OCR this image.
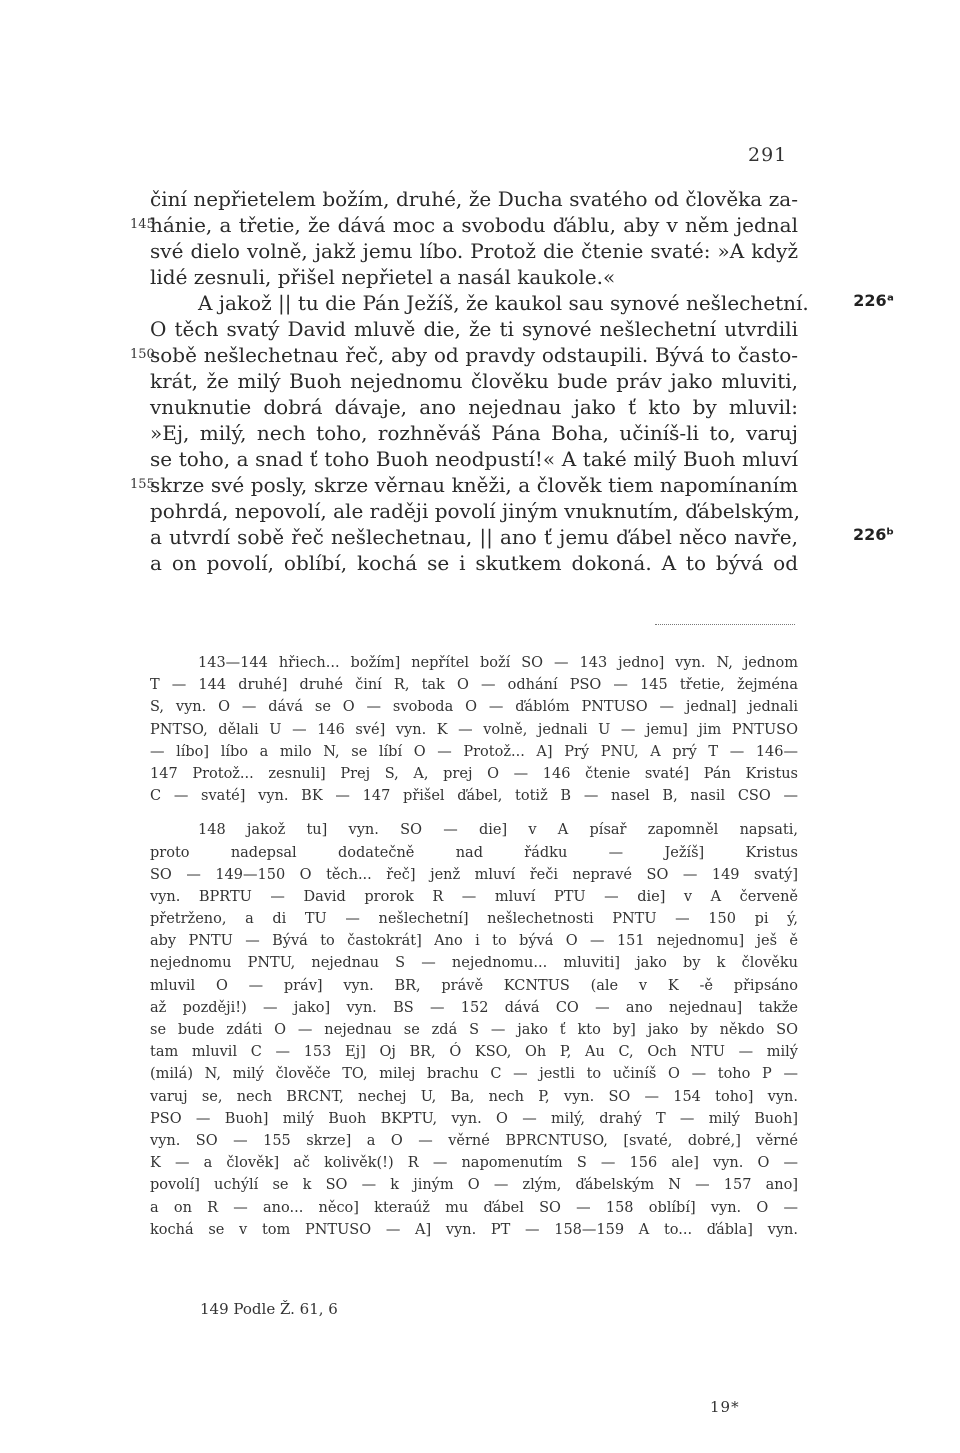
291
činí nepřietelem božím, druhé, že Ducha svatého od člověka za-
145
hánie, a třetie, že dává moc a svobodu ďáblu, aby v něm jednal
své dielo volně, jakž jemu líbo. Protož die čtenie svaté: »A když
lidé zesnuli, přišel nepřietel a nasál kaukole.«
A jakož || tu die Pán Ježíš, že kaukol sau synové nešlechetní.	226ᵃ
O těch svatý David mluvě die, že ti synové nešlechetní utvrdili
150
sobě nešlechetnau řeč, aby od pravdy odstaupili. Bývá to často-
krát, že milý Buoh nejednomu člověku bude práv jako mluviti,
vnuknutie dobrá dávaje, ano nejednau jako ť kto by mluvil:
»Ej, milý, nech toho, rozhněváš Pána Boha, učiníš-li to, varuj
se toho, a snad ť toho Buoh neodpustí!« A také milý Buoh mluví
155
skrze své posly, skrze věrnau kněži, a člověk tiem napomínaním
pohrdá, nepovolí, ale raději povolí jiným vnuknutím, ďábelským,
a utvrdí sobě řeč nešlechetnau, || ano ť jemu ďábel něco navře,	226ᵇ
a on povolí, oblíbí, kochá se i skutkem dokoná. A to bývá od
143—144 hřiech... božím] nepřítel boží SO — 143 jedno] vyn. N, jednom
T — 144 druhé] druhé činí R, tak O — odhání PSO — 145 třetie, žejména
S, vyn. O — dává se O — svoboda O — ďáblóm PNTUSO — jednal] jednali
PNTSO, dělali U — 146 své] vyn. K — volně, jednali U — jemu] jim PNTUSO
— líbo] líbo a milo N, se líbí O — Protož... A] Prý PNU, A prý T — 146—
147 Protož... zesnuli] Prej S, A, prej O — 146 čtenie svaté] Pán Kristus
C — svaté] vyn. BK — 147 přišel ďábel, totiž B — nasel B, nasil CSO —
148 jakož tu] vyn. SO — die] v A písař zapomněl napsati,
proto nadepsal dodatečně nad řádku — Ježíš] Kristus
SO — 149—150 O těch... řeč] jenž mluví řeči nepravé SO — 149 svatý]
vyn. BPRTU — David prorok R — mluví PTU — die] v A červeně
přetrženo, a di TU — nešlechetní] nešlechetnosti PNTU — 150 pi ý,
aby PNTU — Bývá to častokrát] Ano i to bývá O — 151 nejednomu] ješ ě
nejednomu PNTU, nejednau S — nejednomu... mluviti] jako by k člověku
mluvil O — práv] vyn. BR, právě KCNTUS (ale v K -ě připsáno
až později!) — jako] vyn. BS — 152 dává CO — ano nejednau] takže
se bude zdáti O — nejednau se zdá S — jako ť kto by] jako by někdo SO
tam mluvil C — 153 Ej] Oj BR, Ó KSO, Oh P, Au C, Och NTU — milý
(milá) N, milý člověče TO, milej brachu C — jestli to učiníš O — toho P —
varuj se, nech BRCNT, nechej U, Ba, nech P, vyn. SO — 154 toho] vyn.
PSO — Buoh] milý Buoh BKPTU, vyn. O — milý, drahý T — milý Buoh]
vyn. SO — 155 skrze] a O — věrné BPRCNTUSO, [svaté, dobré,] věrné
K — a člověk] ač kolivěk(!) R — napomenutím S — 156 ale] vyn. O —
povolí] uchýlí se k SO — k jiným O — zlým, ďábelským N — 157 ano]
a on R — ano... něco] kteraúž mu ďábel SO — 158 oblíbí] vyn. O —
kochá se v tom PNTUSO — A] vyn. PT — 158—159 A to... ďábla] vyn.
149 Podle Ž. 61, 6
19*
